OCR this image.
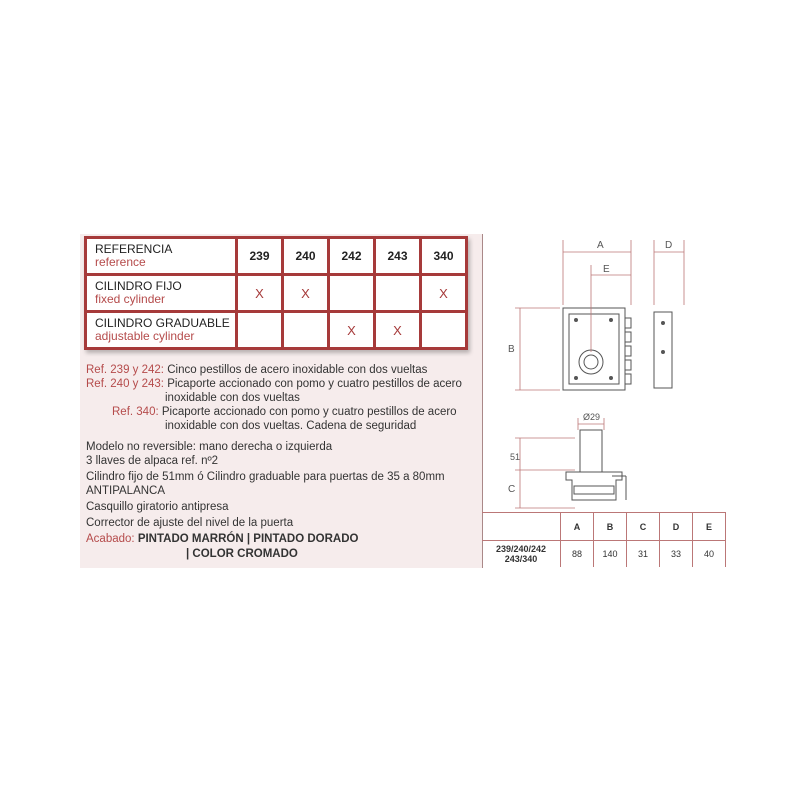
REFERENCIA
reference	239	240	242	243	340

CILINDRO FIJO
fixed cylinder	X	X			X

CILINDRO GRADUABLE
adjustable cylinder			X	X	
Ref. 239 y 242: Cinco pestillos de acero inoxidable con dos vueltas
Ref. 240 y 243: Picaporte accionado con pomo y cuatro pestillos de acero
inoxidable con dos vueltas
Ref. 340: Picaporte accionado con pomo y cuatro pestillos de acero
inoxidable con dos vueltas. Cadena de seguridad
Modelo no reversible: mano derecha o izquierda
3 llaves de alpaca ref. nº2
Cilindro fijo de 51mm ó Cilindro graduable para puertas de 35 a 80mm
ANTIPALANCA
Casquillo giratorio antipresa
Corrector de ajuste del nivel de la puerta
Acabado: PINTADO MARRÓN | PINTADO DORADO
| COLOR CROMADO
A
E
D
B
Ø29
51
C
	A	B	C	D	E
239/240/242
243/340	88	140	31	33	40
